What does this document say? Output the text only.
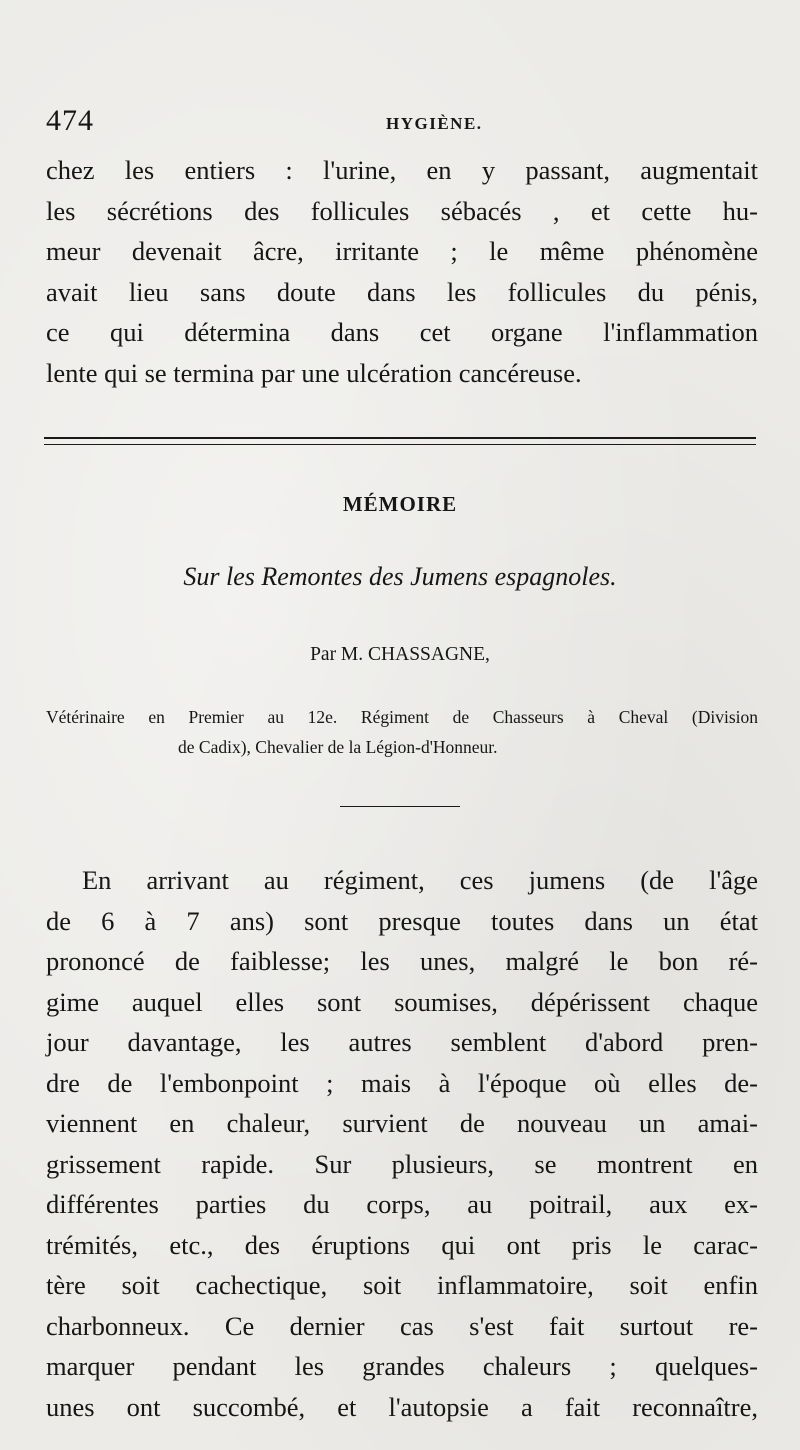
474	HYGIÈNE.
chez les entiers : l'urine, en y passant, augmentait
les sécrétions des follicules sébacés , et cette hu-
meur devenait âcre, irritante ; le même phénomène
avait lieu sans doute dans les follicules du pénis,
ce qui détermina dans cet organe l'inflammation
lente qui se termina par une ulcération cancéreuse.
MÉMOIRE
Sur les Remontes des Jumens espagnoles.
Par M. CHASSAGNE,
Vétérinaire en Premier au 12e. Régiment de Chasseurs à Cheval (Division
de Cadix), Chevalier de la Légion-d'Honneur.
En arrivant au régiment, ces jumens (de l'âge
de 6 à 7 ans) sont presque toutes dans un état
prononcé de faiblesse; les unes, malgré le bon ré-
gime auquel elles sont soumises, dépérissent chaque
jour davantage, les autres semblent d'abord pren-
dre de l'embonpoint ; mais à l'époque où elles de-
viennent en chaleur, survient de nouveau un amai-
grissement rapide. Sur plusieurs, se montrent en
différentes parties du corps, au poitrail, aux ex-
trémités, etc., des éruptions qui ont pris le carac-
tère soit cachectique, soit inflammatoire, soit enfin
charbonneux. Ce dernier cas s'est fait surtout re-
marquer pendant les grandes chaleurs ; quelques-
unes ont succombé, et l'autopsie a fait reconnaître,
